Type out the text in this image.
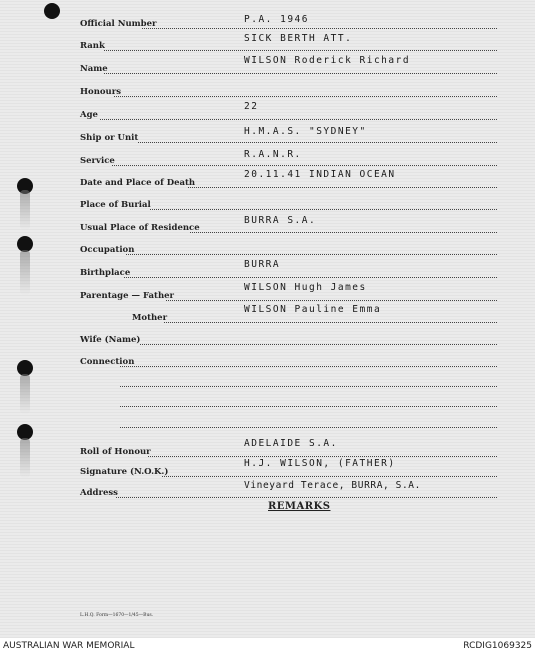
Official Number	P.A. 1946
Rank
SICK BERTH ATT.
Name
WILSON Roderick Richard
Honours
Age
22
Ship or Unit
H.M.A.S. "SYDNEY"
Service
R.A.N.R.
Date and Place of Death
20.11.41 INDIAN OCEAN
Place of Burial
Usual Place of Residence
BURRA S.A.
Occupation
Birthplace
BURRA
Parentage — Father
WILSON Hugh James
Mother
WILSON Pauline Emma
Wife (Name)
Connection
Roll of Honour
ADELAIDE S.A.
Signature (N.O.K.)
H.J. WILSON, (FATHER)
Address
Vineyard Terace, BURRA, S.A.
REMARKS
L.H.Q. Form—1670—1/45—Bus.
AUSTRALIAN WAR MEMORIAL	RCDIG1069325
